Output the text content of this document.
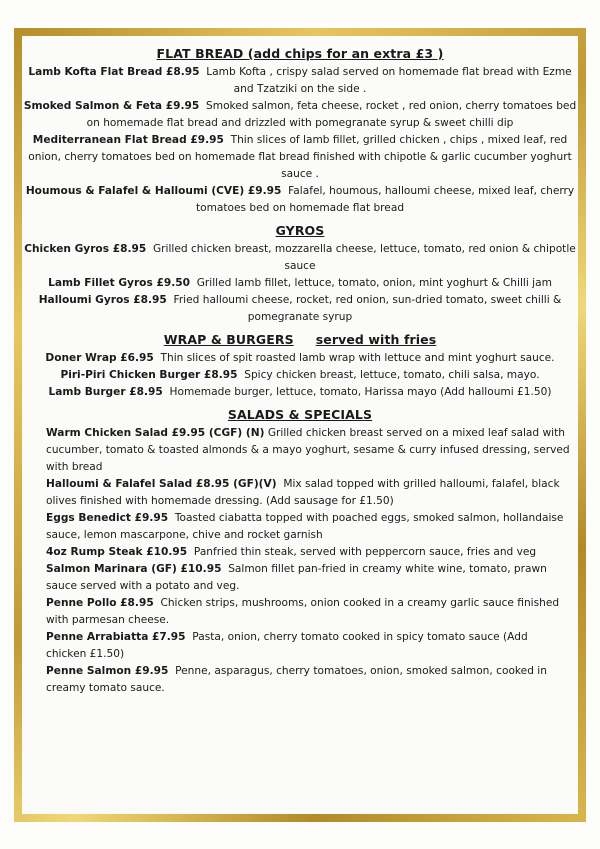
FLAT BREAD (add chips for an extra £3 )

Lamb Kofta Flat Bread £8.95 Lamb Kofta , crispy salad served on homemade flat bread with Ezme and Tzatziki on the side .

Smoked Salmon & Feta £9.95 Smoked salmon, feta cheese, rocket , red onion, cherry tomatoes bed on homemade flat bread and drizzled with pomegranate syrup & sweet chilli dip

Mediterranean Flat Bread £9.95 Thin slices of lamb fillet, grilled chicken , chips , mixed leaf, red onion, cherry tomatoes bed on homemade flat bread finished with chipotle & garlic cucumber yoghurt sauce .

Houmous & Falafel & Halloumi (CVE) £9.95 Falafel, houmous, halloumi cheese, mixed leaf, cherry tomatoes bed on homemade flat bread

GYROS

Chicken Gyros £8.95 Grilled chicken breast, mozzarella cheese, lettuce, tomato, red onion & chipotle sauce

Lamb Fillet Gyros £9.50 Grilled lamb fillet, lettuce, tomato, onion, mint yoghurt & Chilli jam

Halloumi Gyros £8.95 Fried halloumi cheese, rocket, red onion, sun-dried tomato, sweet chilli & pomegranate syrup

WRAP & BURGERS served with fries

Doner Wrap £6.95 Thin slices of spit roasted lamb wrap with lettuce and mint yoghurt sauce.

Piri-Piri Chicken Burger £8.95 Spicy chicken breast, lettuce, tomato, chili salsa, mayo.

Lamb Burger £8.95 Homemade burger, lettuce, tomato, Harissa mayo (Add halloumi £1.50)

SALADS & SPECIALS

Warm Chicken Salad £9.95 (CGF) (N) Grilled chicken breast served on a mixed leaf salad with cucumber, tomato & toasted almonds & a mayo yoghurt, sesame & curry infused dressing, served with bread

Halloumi & Falafel Salad £8.95 (GF)(V) Mix salad topped with grilled halloumi, falafel, black olives finished with homemade dressing. (Add sausage for £1.50)

Eggs Benedict £9.95 Toasted ciabatta topped with poached eggs, smoked salmon, hollandaise sauce, lemon mascarpone, chive and rocket garnish

4oz Rump Steak £10.95 Panfried thin steak, served with peppercorn sauce, fries and veg

Salmon Marinara (GF) £10.95 Salmon fillet pan-fried in creamy white wine, tomato, prawn sauce served with a potato and veg.

Penne Pollo £8.95 Chicken strips, mushrooms, onion cooked in a creamy garlic sauce finished with parmesan cheese.

Penne Arrabiatta £7.95 Pasta, onion, cherry tomato cooked in spicy tomato sauce (Add chicken £1.50)

Penne Salmon £9.95 Penne, asparagus, cherry tomatoes, onion, smoked salmon, cooked in creamy tomato sauce.
